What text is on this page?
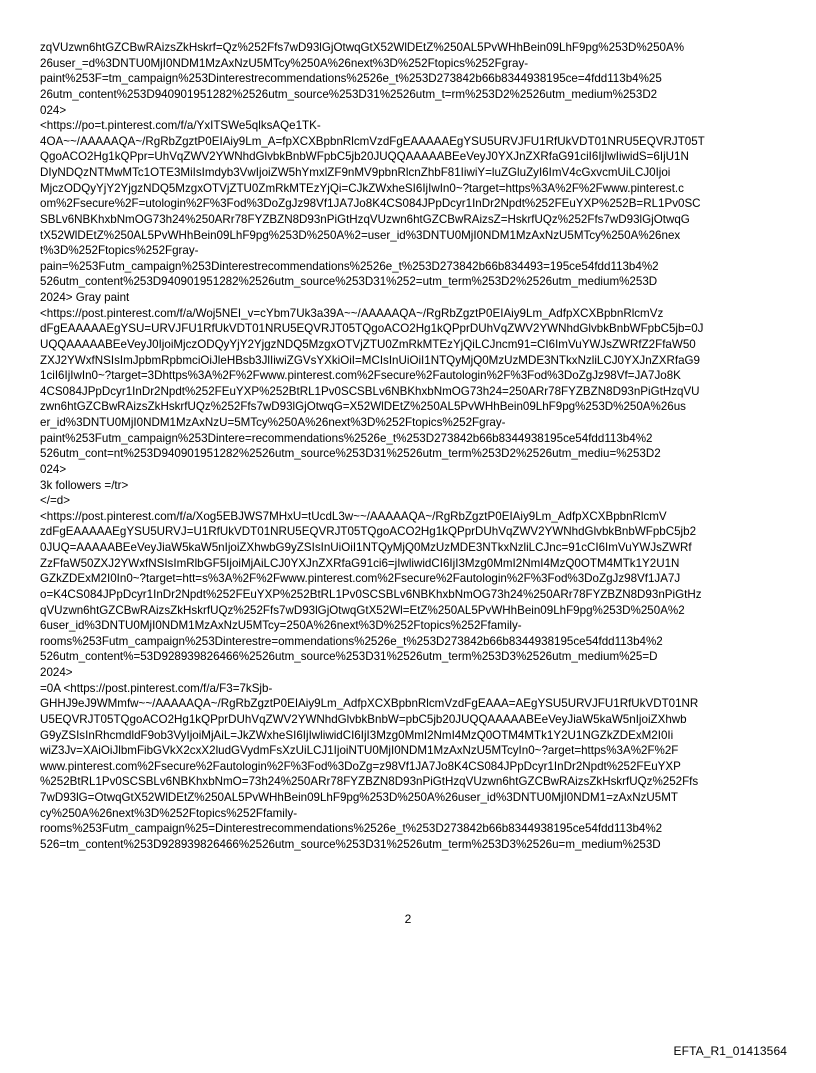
zqVUzwn6htGZCBwRAizsZkHskrf=Qz%252Ffs7wD93lGjOtwqGtX52WlDEtZ%250AL5PvWHhBein09LhF9pg%253D%250A%
26user_=d%3DNTU0MjI0NDM1MzAxNzU5MTcy%250A%26next%3D%252Ftopics%252Fgray-
paint%253F=tm_campaign%253Dinterestrecommendations%2526e_t%253D273842b66b8344938195ce=4fdd113b4%25
26utm_content%253D940901951282%2526utm_source%253D31%2526utm_t=rm%253D2%2526utm_medium%253D2
024>
<https://po=t.pinterest.com/f/a/YxITSWe5qlksAQe1TK-
4OA~~/AAAAAQA~/RgRbZgztP0EIAiy9Lm_A=fpXCXBpbnRlcmVzdFgEAAAAAEgYSU5URVJFU1RfUkVDT01NRU5EQVRJT05T
QgoACO2Hg1kQPpr=UhVqZWV2YWNhdGlvbkBnbWFpbC5jb20JUQQAAAAABEeVeyJ0YXJnZXRfaG91ciI6IjIwIiwidS=6IjU1N
DIyNDQzNTMwMTc1OTE3MiIsImdyb3VwIjoiZW5hYmxlZF9nMV9pbnRlcnZhbF81IiwiY=luZGluZyI6ImV4cGxvcmUiLCJ0Ijoi
MjczODQyYjY2YjgzNDQ5MzgxOTVjZTU0ZmRkMTEzYjQi=CJkZWxheSI6IjIwIn0~?target=https%3A%2F%2Fwww.pinterest.c
om%2Fsecure%2F=utologin%2F%3Fod%3DoZgJz98Vf1JA7Jo8K4CS084JPpDcyr1InDr2Npdt%252FEuYXP%252B=RL1Pv0SC
SBLv6NBKhxbNmOG73h24%250ARr78FYZBZN8D93nPiGtHzqVUzwn6htGZCBwRAizsZ=HskrfUQz%252Ffs7wD93lGjOtwqG
tX52WlDEtZ%250AL5PvWHhBein09LhF9pg%253D%250A%2=user_id%3DNTU0MjI0NDM1MzAxNzU5MTcy%250A%26nex
t%3D%252Ftopics%252Fgray-
pain=%253Futm_campaign%253Dinterestrecommendations%2526e_t%253D273842b66b834493=195ce54fdd113b4%2
526utm_content%253D940901951282%2526utm_source%253D31%252=utm_term%253D2%2526utm_medium%253D
2024> Gray paint
<https://post.pinterest.com/f/a/Woj5NEI_v=cYbm7Uk3a39A~~/AAAAAQA~/RgRbZgztP0EIAiy9Lm_AdfpXCXBpbnRlcmVz
dFgEAAAAAEgYSU=URVJFU1RfUkVDT01NRU5EQVRJT05TQgoACO2Hg1kQPprDUhVqZWV2YWNhdGlvbkBnbWFpbC5jb=0J
UQQAAAAABEeVeyJ0IjoiMjczODQyYjY2YjgzNDQ5MzgxOTVjZTU0ZmRkMTEzYjQiLCJncm91=CI6ImVuYWJsZWRfZ2FfaW50
ZXJ2YWxfNSIsImJpbmRpbmciOiJleHBsb3JlIiwiZGVsYXkiOiI=MCIsInUiOiI1NTQyMjQ0MzUzMDE3NTkxNzliLCJ0YXJnZXRfaG9
1ciI6IjIwIn0~?target=3Dhttps%3A%2F%2Fwww.pinterest.com%2Fsecure%2Fautologin%2F%3Fod%3DoZgJz98Vf=JA7Jo8K
4CS084JPpDcyr1InDr2Npdt%252FEuYXP%252BtRL1Pv0SCSBLv6NBKhxbNmOG73h24=250ARr78FYZBZN8D93nPiGtHzqVU
zwn6htGZCBwRAizsZkHskrfUQz%252Ffs7wD93lGjOtwqG=X52WlDEtZ%250AL5PvWHhBein09LhF9pg%253D%250A%26us
er_id%3DNTU0MjI0NDM1MzAxNzU=5MTcy%250A%26next%3D%252Ftopics%252Fgray-
paint%253Futm_campaign%253Dintere=recommendations%2526e_t%253D273842b66b8344938195ce54fdd113b4%2
526utm_cont=nt%253D940901951282%2526utm_source%253D31%2526utm_term%253D2%2526utm_mediu=%253D2
024>
3k followers =/tr>
</=d>
<https://post.pinterest.com/f/a/Xog5EBJWS7MHxU=tUcdL3w~~/AAAAAQA~/RgRbZgztP0EIAiy9Lm_AdfpXCXBpbnRlcmV
zdFgEAAAAAEgYSU5URVJ=U1RfUkVDT01NRU5EQVRJT05TQgoACO2Hg1kQPprDUhVqZWV2YWNhdGlvbkBnbWFpbC5jb2
0JUQ=AAAAABEeVeyJiaW5kaW5nIjoiZXhwbG9yZSIsInUiOiI1NTQyMjQ0MzUzMDE3NTkxNzliLCJnc=91cCI6ImVuYWJsZWRf
ZzFfaW50ZXJ2YWxfNSIsImRlbGF5IjoiMjAiLCJ0YXJnZXRfaG91ci6=jIwliwidCI6IjI3Mzg0MmI2NmI4MzQ0OTM4MTk1Y2U1N
GZkZDExM2I0In0~?target=htt=s%3A%2F%2Fwww.pinterest.com%2Fsecure%2Fautologin%2F%3Fod%3DoZgJz98Vf1JA7J
o=K4CS084JPpDcyr1InDr2Npdt%252FEuYXP%252BtRL1Pv0SCSBLv6NBKhxbNmOG73h24%250ARr78FYZBZN8D93nPiGtHz
qVUzwn6htGZCBwRAizsZkHskrfUQz%252Ffs7wD93lGjOtwqGtX52Wl=EtZ%250AL5PvWHhBein09LhF9pg%253D%250A%2
6user_id%3DNTU0MjI0NDM1MzAxNzU5MTcy=250A%26next%3D%252Ftopics%252Ffamily-
rooms%253Futm_campaign%253Dinterestre=ommendations%2526e_t%253D273842b66b8344938195ce54fdd113b4%2
526utm_content%=53D928939826466%2526utm_source%253D31%2526utm_term%253D3%2526utm_medium%25=D
2024>
=0A <https://post.pinterest.com/f/a/F3=7kSjb-
GHHJ9eJ9WMmfw~~/AAAAAQA~/RgRbZgztP0EIAiy9Lm_AdfpXCXBpbnRlcmVzdFgEAAA=AEgYSU5URVJFU1RfUkVDT01NR
U5EQVRJT05TQgoACO2Hg1kQPprDUhVqZWV2YWNhdGlvbkBnbW=pbC5jb20JUQQAAAAABEeVeyJiaW5kaW5nIjoiZXhwb
G9yZSIsInRhcmdldF9ob3VyIjoiMjAiL=JkZWxheSI6IjIwliwidCI6IjI3Mzg0MmI2NmI4MzQ0OTM4MTk1Y2U1NGZkZDExM2I0Ii
wiZ3Jv=XAiOiJlbmFibGVkX2cxX2ludGVydmFsXzUiLCJ1IjoiNTU0MjI0NDM1MzAxNzU5MTcyIn0~?arget=https%3A%2F%2F
www.pinterest.com%2Fsecure%2Fautologin%2F%3Fod%3DoZg=z98Vf1JA7Jo8K4CS084JPpDcyr1InDr2Npdt%252FEuYXP
%252BtRL1Pv0SCSBLv6NBKhxbNmO=73h24%250ARr78FYZBZN8D93nPiGtHzqVUzwn6htGZCBwRAizsZkHskrfUQz%252Ffs
7wD93lG=OtwqGtX52WlDEtZ%250AL5PvWHhBein09LhF9pg%253D%250A%26user_id%3DNTU0MjI0NDM1=zAxNzU5MT
cy%250A%26next%3D%252Ftopics%252Ffamily-
rooms%253Futm_campaign%25=Dinterestrecommendations%2526e_t%253D273842b66b8344938195ce54fdd113b4%2
526=tm_content%253D928939826466%2526utm_source%253D31%2526utm_term%253D3%2526u=m_medium%253D
2
EFTA_R1_01413564
